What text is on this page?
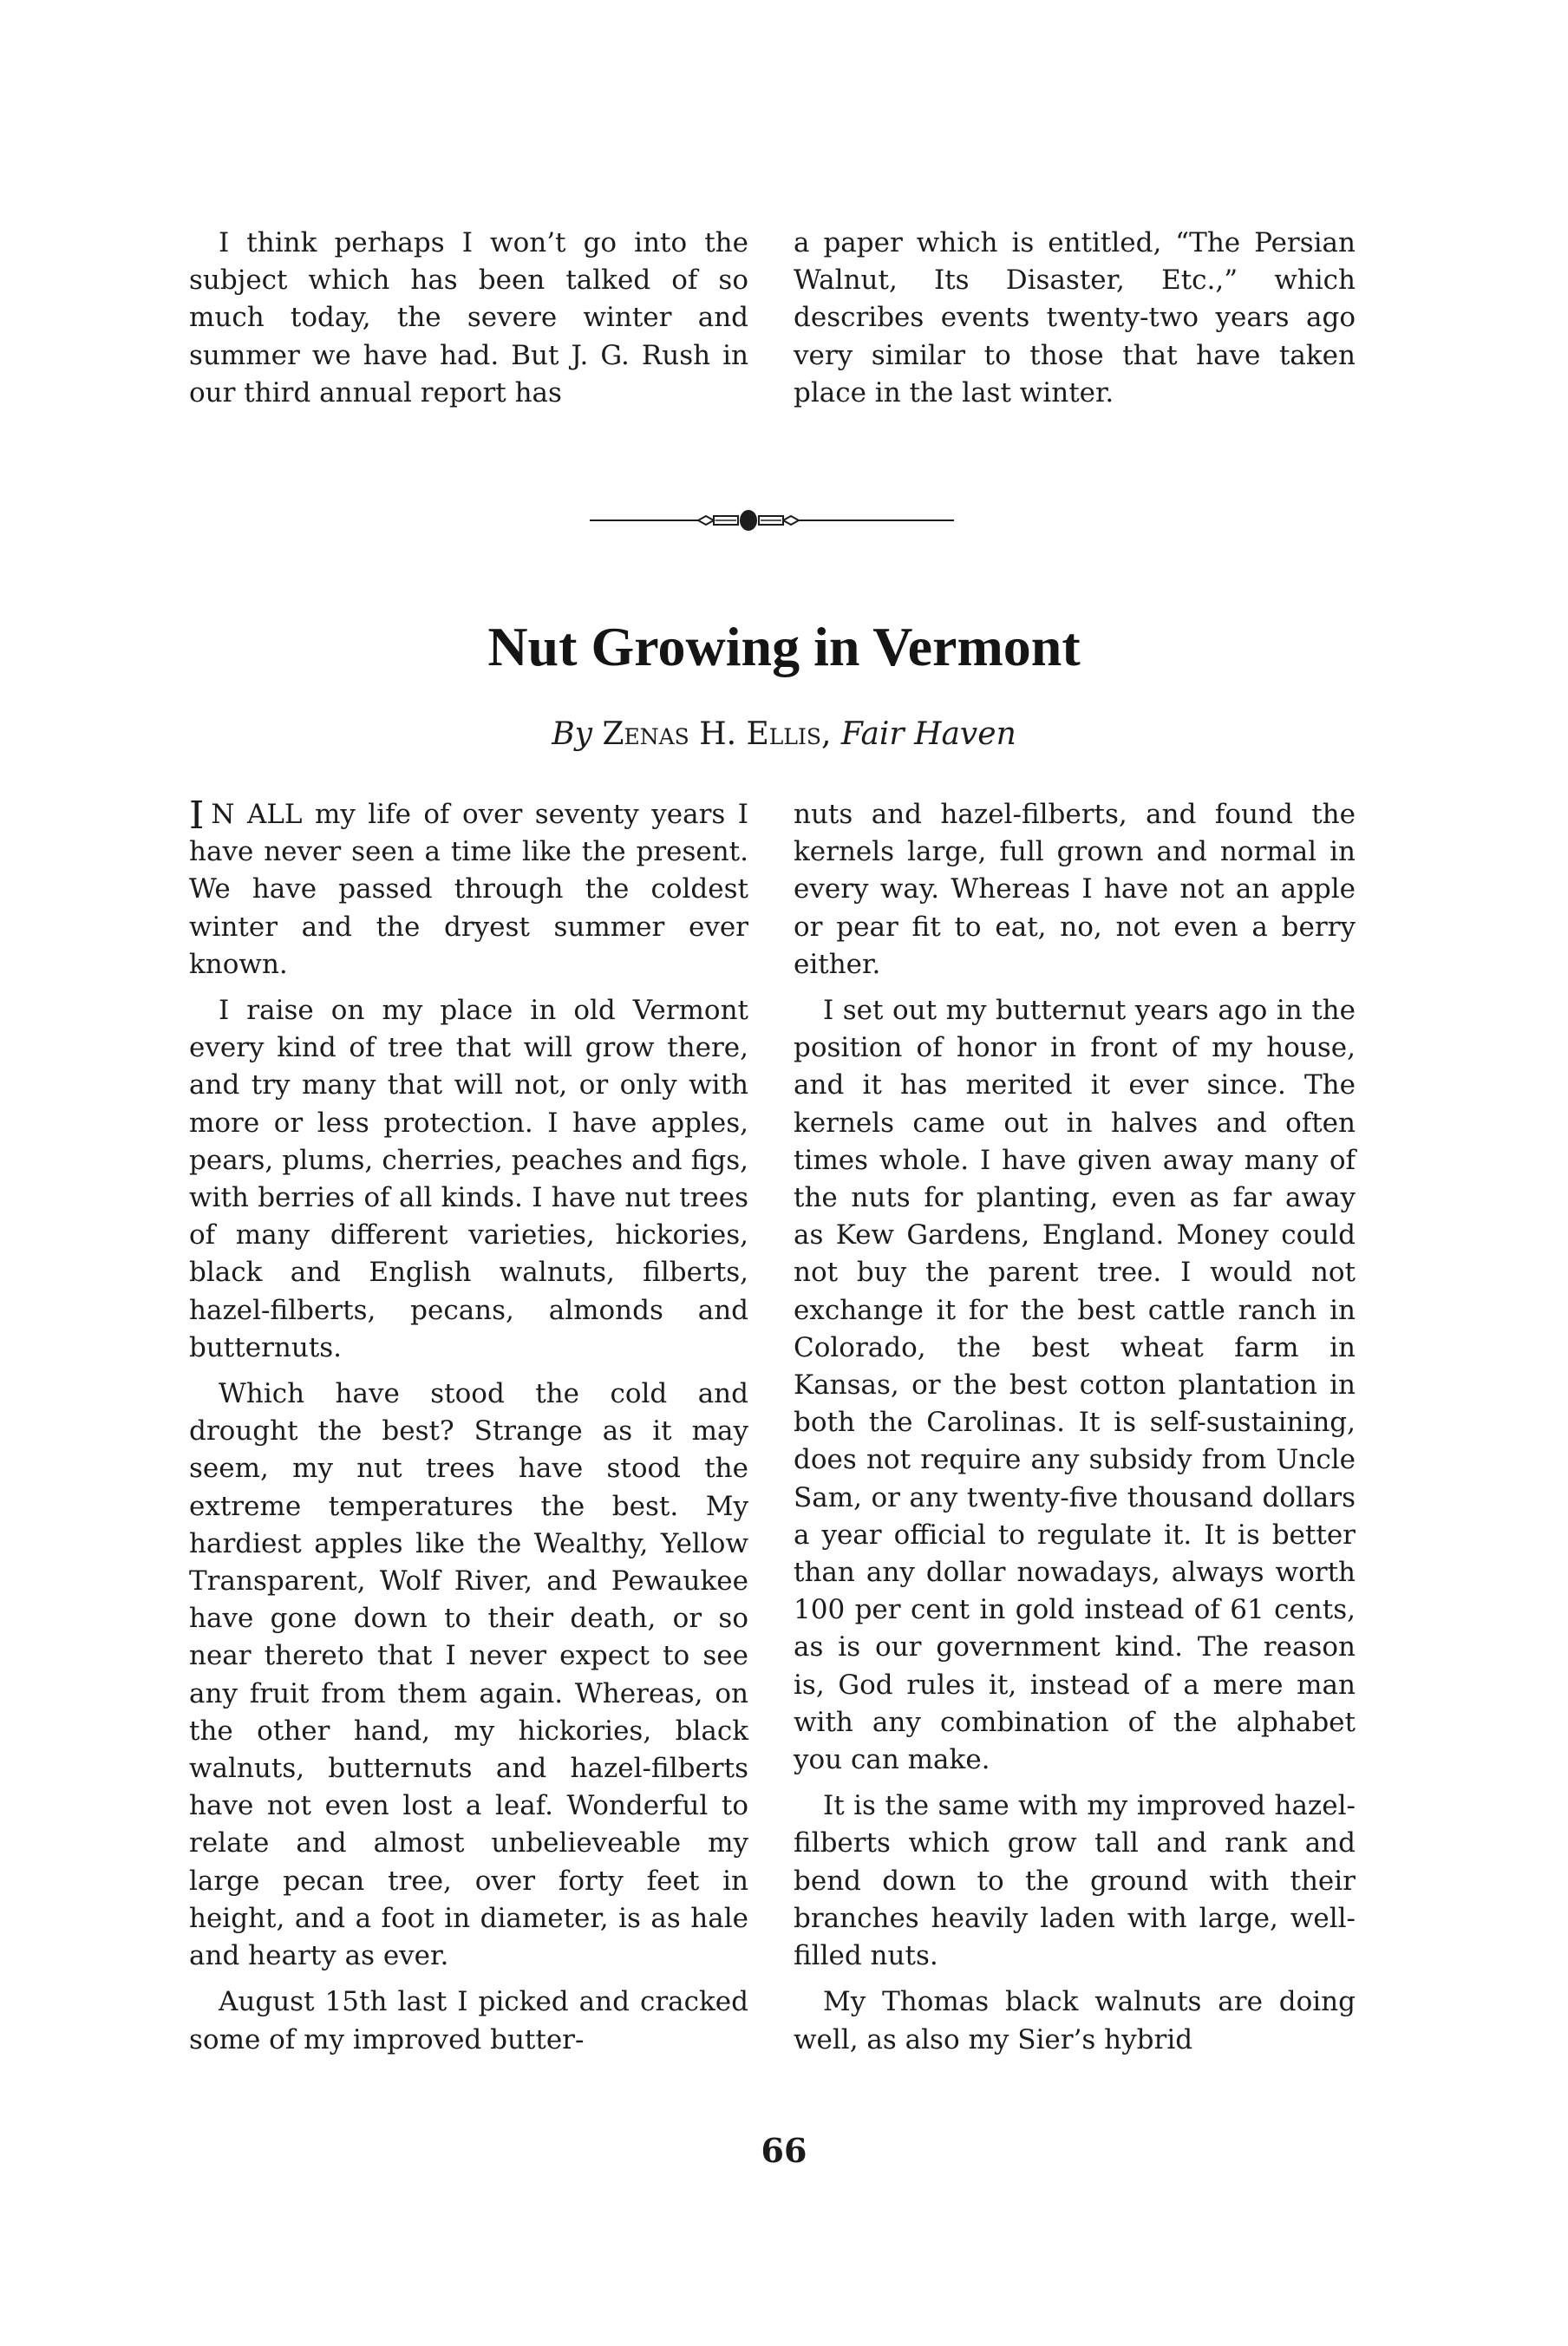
I think perhaps I won’t go into the subject which has been talked of so much today, the severe winter and summer we have had. But J. G. Rush in our third annual report has

a paper which is entitled, “The Persian Walnut, Its Disaster, Etc.,” which describes events twenty-two years ago very similar to those that have taken place in the last winter.

Nut Growing in Vermont

By Zenas H. Ellis, Fair Haven

I N ALL my life of over seventy years I have never seen a time like the present. We have passed through the coldest winter and the dryest summer ever known.

I raise on my place in old Vermont every kind of tree that will grow there, and try many that will not, or only with more or less protection. I have apples, pears, plums, cherries, peaches and figs, with berries of all kinds. I have nut trees of many different varieties, hickories, black and English walnuts, filberts, hazel-filberts, pecans, almonds and butternuts.

Which have stood the cold and drought the best? Strange as it may seem, my nut trees have stood the extreme temperatures the best. My hardiest apples like the Wealthy, Yellow Transparent, Wolf River, and Pewaukee have gone down to their death, or so near thereto that I never expect to see any fruit from them again. Whereas, on the other hand, my hickories, black walnuts, butternuts and hazel-filberts have not even lost a leaf. Wonderful to relate and almost unbelieveable my large pecan tree, over forty feet in height, and a foot in diameter, is as hale and hearty as ever.

August 15th last I picked and cracked some of my improved butter-

nuts and hazel-filberts, and found the kernels large, full grown and normal in every way. Whereas I have not an apple or pear fit to eat, no, not even a berry either.

I set out my butternut years ago in the position of honor in front of my house, and it has merited it ever since. The kernels came out in halves and often times whole. I have given away many of the nuts for planting, even as far away as Kew Gardens, England. Money could not buy the parent tree. I would not exchange it for the best cattle ranch in Colorado, the best wheat farm in Kansas, or the best cotton plantation in both the Carolinas. It is self-sustaining, does not require any subsidy from Uncle Sam, or any twenty-five thousand dollars a year official to regulate it. It is better than any dollar nowadays, always worth 100 per cent in gold instead of 61 cents, as is our government kind. The reason is, God rules it, instead of a mere man with any combination of the alphabet you can make.

It is the same with my improved hazel-filberts which grow tall and rank and bend down to the ground with their branches heavily laden with large, well-filled nuts.

My Thomas black walnuts are doing well, as also my Sier’s hybrid

66
